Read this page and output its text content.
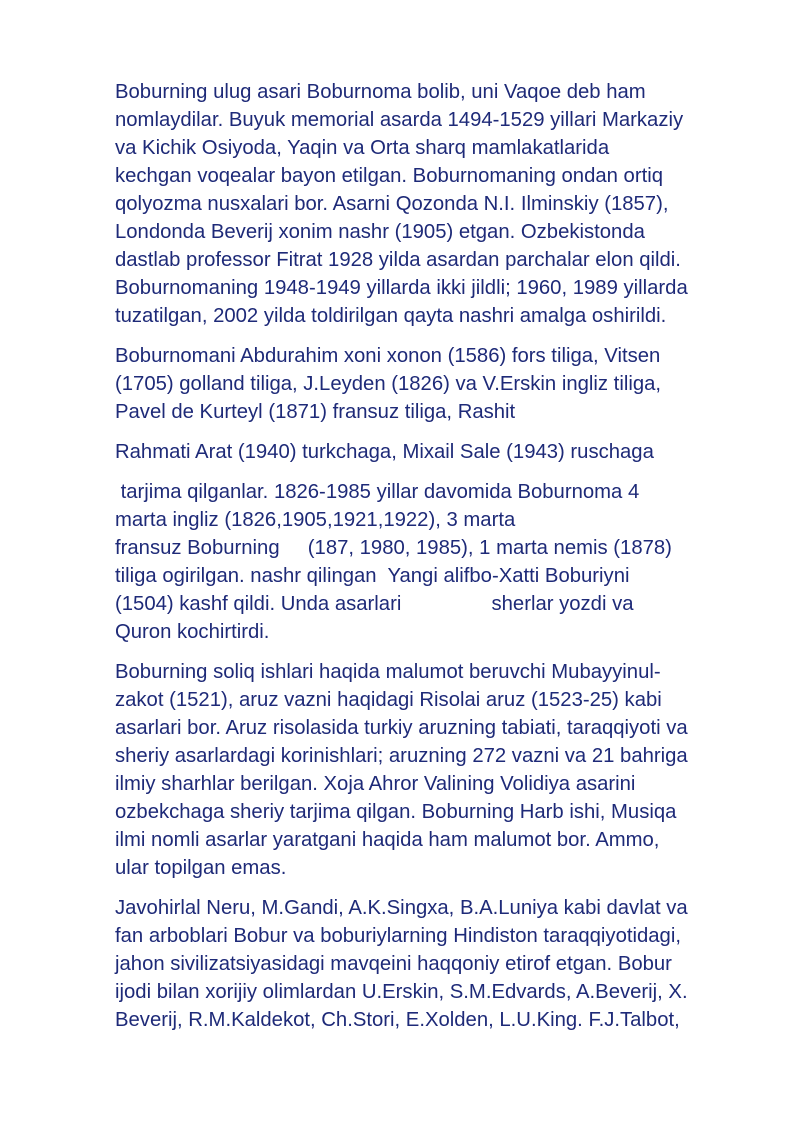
Boburning ulug asari Boburnoma bolib, uni Vaqoe deb ham
nomlaydilar. Buyuk memorial asarda 1494-1529 yillari Markaziy
va Kichik Osiyoda, Yaqin va Orta sharq mamlakatlarida
kechgan voqealar bayon etilgan. Boburnomaning ondan ortiq
qolyozma nusxalari bor. Asarni Qozonda N.I. Ilminskiy (1857),
Londonda Beverij xonim nashr (1905) etgan. Ozbekistonda
dastlab professor Fitrat 1928 yilda asardan parchalar elon qildi.
Boburnomaning 1948-1949 yillarda ikki jildli; 1960, 1989 yillarda
tuzatilgan, 2002 yilda toldirilgan qayta nashri amalga oshirildi.

Boburnomani Abdurahim xoni xonon (1586) fors tiliga, Vitsen
(1705) golland tiliga, J.Leyden (1826) va V.Erskin ingliz tiliga,
Pavel de Kurteyl (1871) fransuz tiliga, Rashit

Rahmati Arat (1940) turkchaga, Mixail Sale (1943) ruschaga

tarjima qilganlar. 1826-1985 yillar davomida Boburnoma 4
marta ingliz (1826,1905,1921,1922), 3 marta
fransuz Boburning     (187, 1980, 1985), 1 marta nemis (1878)
tiliga ogirilgan. nashr qilingan  Yangi alifbo-Xatti Boburiyni
(1504) kashf qildi. Unda asarlari                sherlar yozdi va
Quron kochirtirdi.

Boburning soliq ishlari haqida malumot beruvchi Mubayyinul-
zakot (1521), aruz vazni haqidagi Risolai aruz (1523-25) kabi
asarlari bor. Aruz risolasida turkiy aruzning tabiati, taraqqiyoti va
sheriy asarlardagi korinishlari; aruzning 272 vazni va 21 bahriga
ilmiy sharhlar berilgan. Xoja Ahror Valining Volidiya asarini
ozbekchaga sheriy tarjima qilgan. Boburning Harb ishi, Musiqa
ilmi nomli asarlar yaratgani haqida ham malumot bor. Ammo,
ular topilgan emas.

Javohirlal Neru, M.Gandi, A.K.Singxa, B.A.Luniya kabi davlat va
fan arboblari Bobur va boburiylarning Hindiston taraqqiyotidagi,
jahon sivilizatsiyasidagi mavqeini haqqoniy etirof etgan. Bobur
ijodi bilan xorijiy olimlardan U.Erskin, S.M.Edvards, A.Beverij, X.
Beverij, R.M.Kaldekot, Ch.Stori, E.Xolden, L.U.King. F.J.Talbot,
